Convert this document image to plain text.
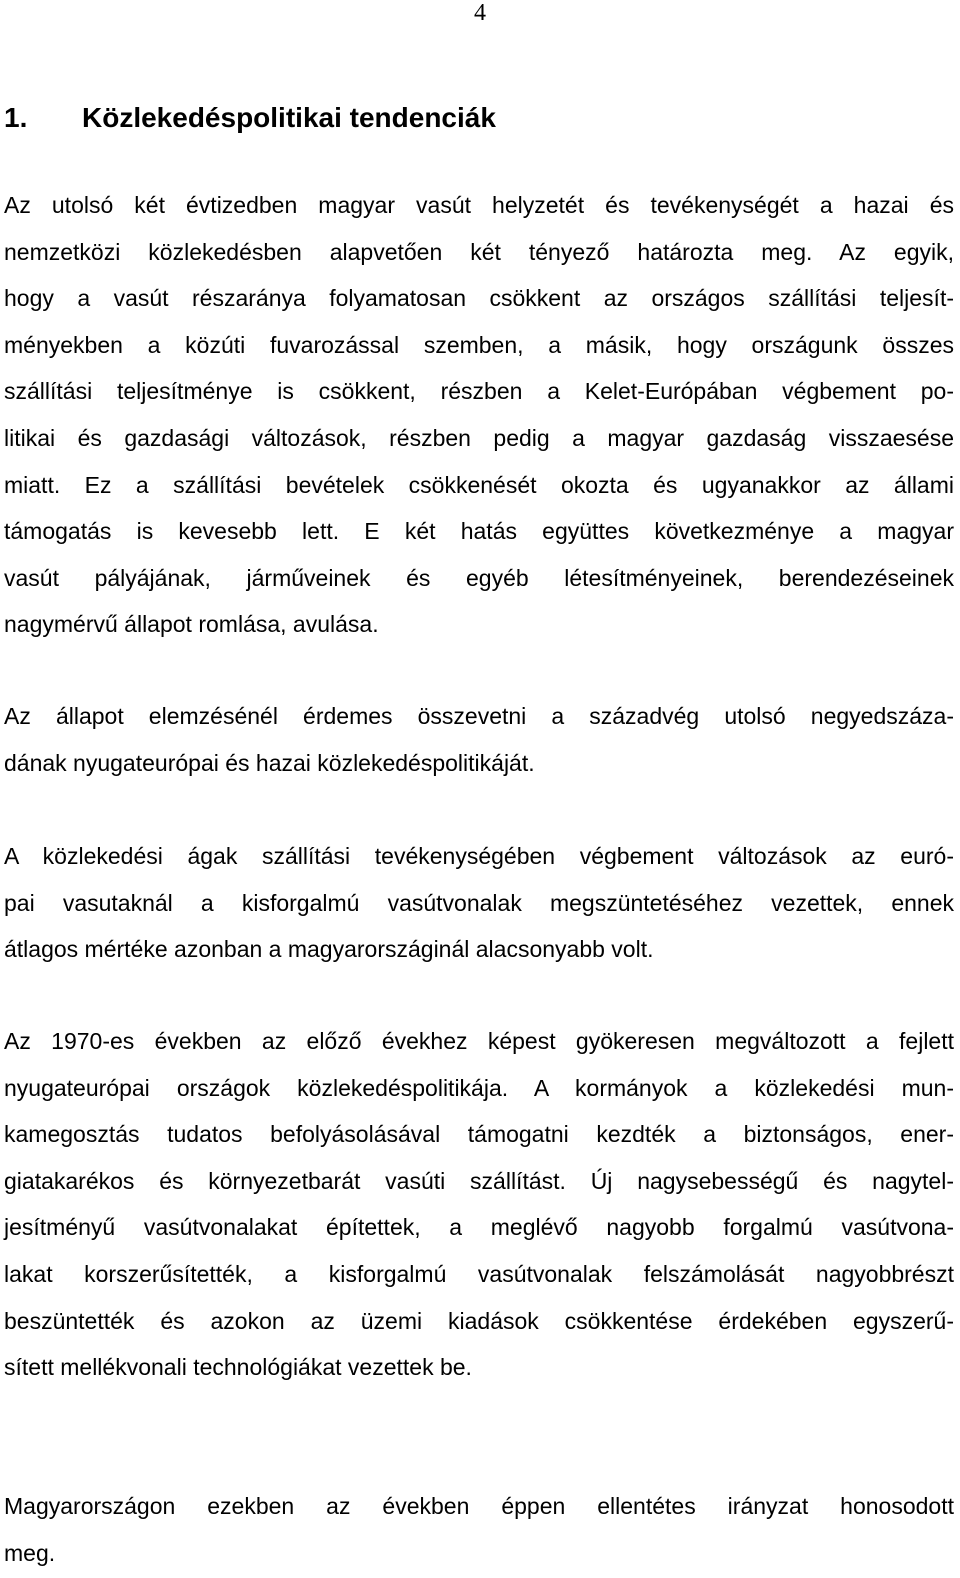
4
1. Közlekedéspolitikai tendenciák

Az utolsó két évtizedben magyar vasút helyzetét és tevékenységét a hazai és
nemzetközi közlekedésben alapvetően két tényező határozta meg. Az egyik,
hogy a vasút részaránya folyamatosan csökkent az országos szállítási teljesít-
ményekben a közúti fuvarozással szemben, a másik, hogy országunk összes
szállítási teljesítménye is csökkent, részben a Kelet-Európában végbement po-
litikai és gazdasági változások, részben pedig a magyar gazdaság visszaesése
miatt. Ez a szállítási bevételek csökkenését okozta és ugyanakkor az állami
támogatás is kevesebb lett. E két hatás együttes következménye a magyar
vasút pályájának, járműveinek és egyéb létesítményeinek, berendezéseinek
nagymérvű állapot romlása, avulása.

Az állapot elemzésénél érdemes összevetni a századvég utolsó negyedszáza-
dának nyugateurópai és hazai közlekedéspolitikáját.

A közlekedési ágak szállítási tevékenységében végbement változások az euró-
pai vasutaknál a kisforgalmú vasútvonalak megszüntetéséhez vezettek, ennek
átlagos mértéke azonban a magyarországinál alacsonyabb volt.

Az 1970-es években az előző évekhez képest gyökeresen megváltozott a fejlett
nyugateurópai országok közlekedéspolitikája. A kormányok a közlekedési mun-
kamegosztás tudatos befolyásolásával támogatni kezdték a biztonságos, ener-
giatakarékos és környezetbarát vasúti szállítást. Új nagysebességű és nagytel-
jesítményű vasútvonalakat építettek, a meglévő nagyobb forgalmú vasútvona-
lakat korszerűsítették, a kisforgalmú vasútvonalak felszámolását nagyobbrészt
beszüntették és azokon az üzemi kiadások csökkentése érdekében egyszerű-
sített mellékvonali technológiákat vezettek be.

Magyarországon ezekben az években éppen ellentétes irányzat honosodott
meg.
